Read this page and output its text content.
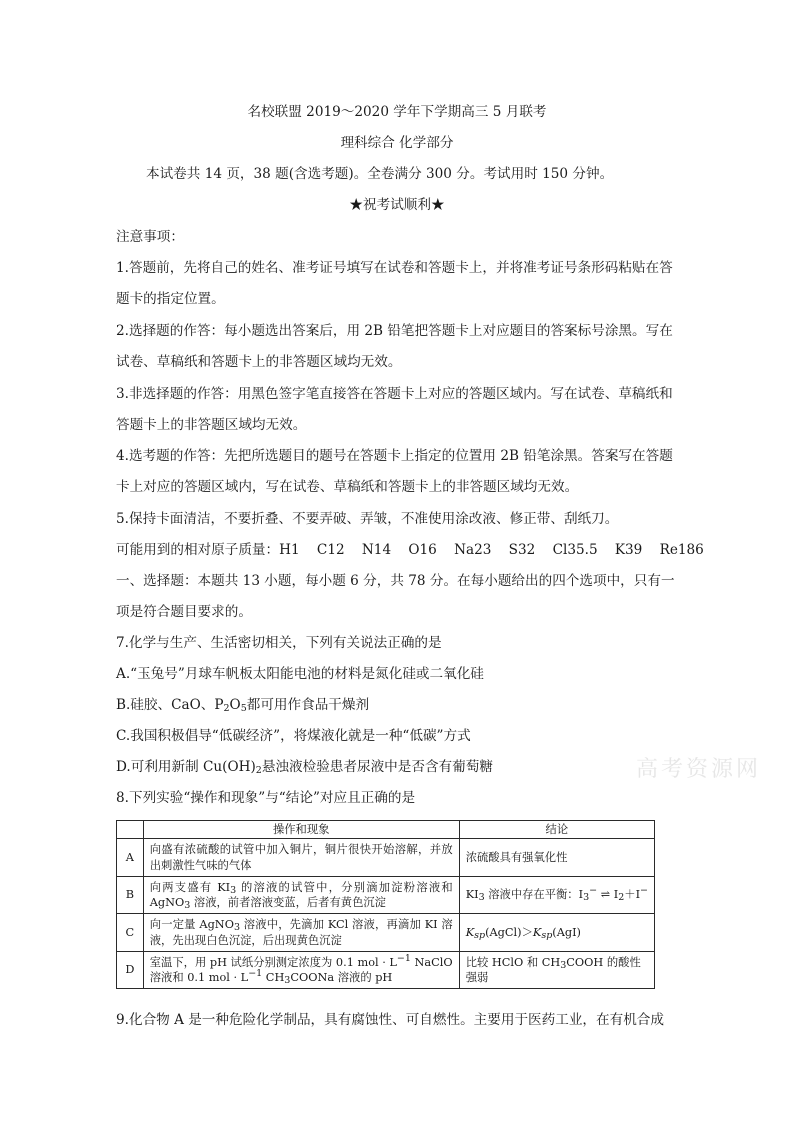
名校联盟 2019～2020 学年下学期高三 5 月联考
理科综合 化学部分
本试卷共 14 页，38 题(含选考题)。全卷满分 300 分。考试用时 150 分钟。
★祝考试顺利★
注意事项：
1.答题前，先将自己的姓名、准考证号填写在试卷和答题卡上，并将准考证号条形码粘贴在答
题卡的指定位置。
2.选择题的作答：每小题选出答案后，用 2B 铅笔把答题卡上对应题目的答案标号涂黑。写在
试卷、草稿纸和答题卡上的非答题区域均无效。
3.非选择题的作答：用黑色签字笔直接答在答题卡上对应的答题区域内。写在试卷、草稿纸和
答题卡上的非答题区域均无效。
4.选考题的作答：先把所选题目的题号在答题卡上指定的位置用 2B 铅笔涂黑。答案写在答题
卡上对应的答题区域内，写在试卷、草稿纸和答题卡上的非答题区域均无效。
5.保持卡面清洁，不要折叠、不要弄破、弄皱，不准使用涂改液、修正带、刮纸刀。
可能用到的相对原子质量：H1    C12    N14    O16    Na23    S32    Cl35.5    K39    Re186
一、选择题：本题共 13 小题，每小题 6 分，共 78 分。在每小题给出的四个选项中，只有一
项是符合题目要求的。
7.化学与生产、生活密切相关，下列有关说法正确的是
A.“玉兔号”月球车帆板太阳能电池的材料是氮化硅或二氧化硅
B.硅胶、CaO、$P_2O_5$都可用作食品干燥剂
C.我国积极倡导“低碳经济”，将煤液化就是一种“低碳”方式
D.可利用新制 $Cu(OH)_2$悬浊液检验患者尿液中是否含有葡萄糖	高考资源网
8.下列实验“操作和现象”与“结论”对应且正确的是
	操作和现象	结论
A	向盛有浓硫酸的试管中加入铜片，铜片很快开始溶解，并放出刺激性气味的气体	浓硫酸具有强氧化性
B	向两支盛有 $KI_3$ 的溶液的试管中，分别滴加淀粉溶液和 AgNO$_3$ 溶液，前者溶液变蓝，后者有黄色沉淀	$KI_3$ 溶液中存在平衡：$I_3^-$ ⇌ $I_2+I^-$
C	向一定量 AgNO$_3$ 溶液中，先滴加 KCl 溶液，再滴加 KI 溶液，先出现白色沉淀，后出现黄色沉淀	$K_{sp}(AgCl)>K_{sp}(AgI)$
D	室温下，用 pH 试纸分别测定浓度为 0.1 mol · $L^{-1}$ NaClO 溶液和 0.1 mol · $L^{-1}$ $CH_3COONa$ 溶液的 pH	比较 HClO 和 $CH_3COOH$ 的酸性强弱
9.化合物 A 是一种危险化学制品，具有腐蚀性、可自燃性。主要用于医药工业，在有机合成
